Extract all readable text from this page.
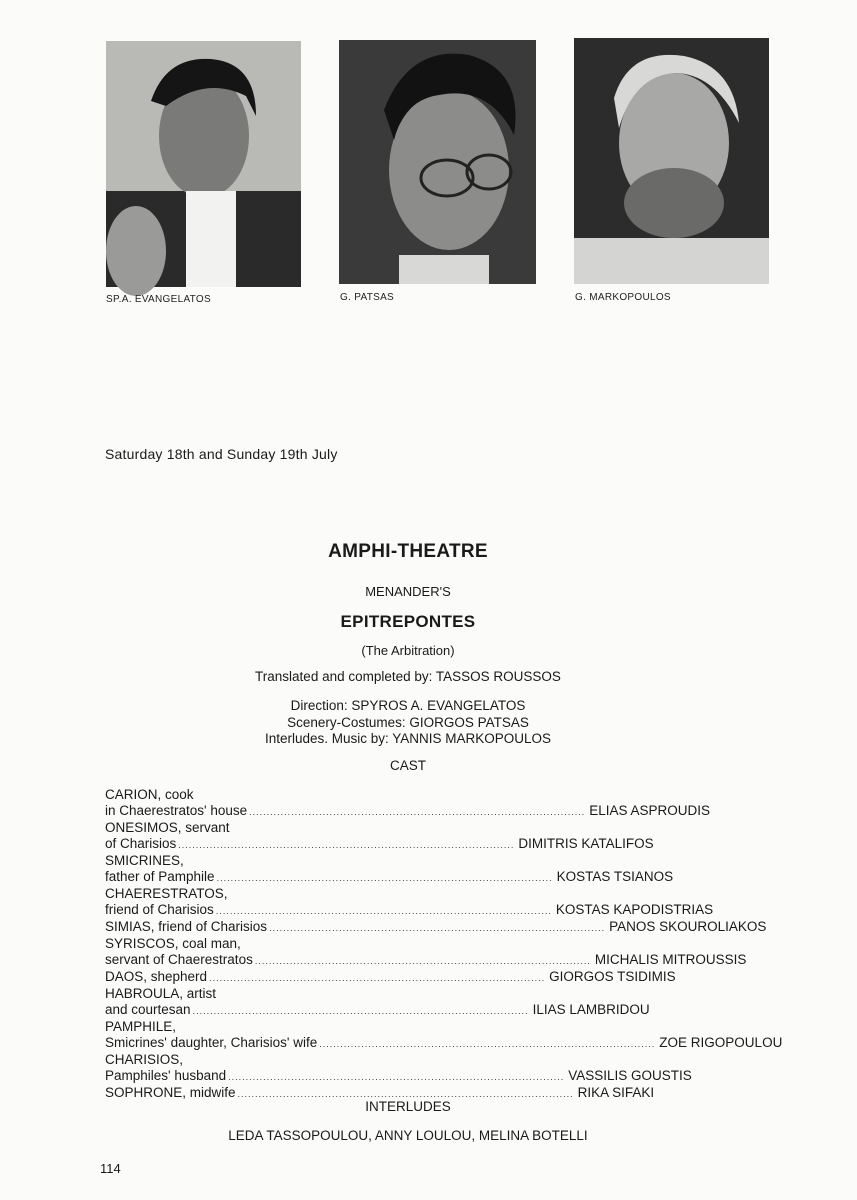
SP.A. EVANGELATOS	G. PATSAS	G. MARKOPOULOS
Saturday 18th and Sunday 19th July
AMPHI-THEATRE
MENANDER'S
EPITREPONTES
(The Arbitration)
Translated and completed by: TASSOS ROUSSOS
Direction: SPYROS A. EVANGELATOS
Scenery-Costumes: GIORGOS PATSAS
Interludes. Music by: YANNIS MARKOPOULOS
CAST
CARION, cook
in Chaerestratos' house ................................................................................................ ELIAS ASPROUDIS
ONESIMOS, servant
of Charisios ................................................................................................ DIMITRIS KATALIFOS
SMICRINES,
father of Pamphile ................................................................................................ KOSTAS TSIANOS
CHAERESTRATOS,
friend of Charisios ................................................................................................ KOSTAS KAPODISTRIAS
SIMIAS, friend of Charisios ................................................................................................ PANOS SKOUROLIAKOS
SYRISCOS, coal man,
servant of Chaerestratos ................................................................................................ MICHALIS MITROUSSIS
DAOS, shepherd ................................................................................................ GIORGOS TSIDIMIS
HABROULA, artist
and courtesan ................................................................................................ ILIAS LAMBRIDOU
PAMPHILE,
Smicrines' daughter, Charisios' wife ................................................................................................ ZOE RIGOPOULOU
CHARISIOS,
Pamphiles' husband ................................................................................................ VASSILIS GOUSTIS
SOPHRONE, midwife ................................................................................................ RIKA SIFAKI
INTERLUDES
LEDA TASSOPOULOU, ANNY LOULOU, MELINA BOTELLI
114
